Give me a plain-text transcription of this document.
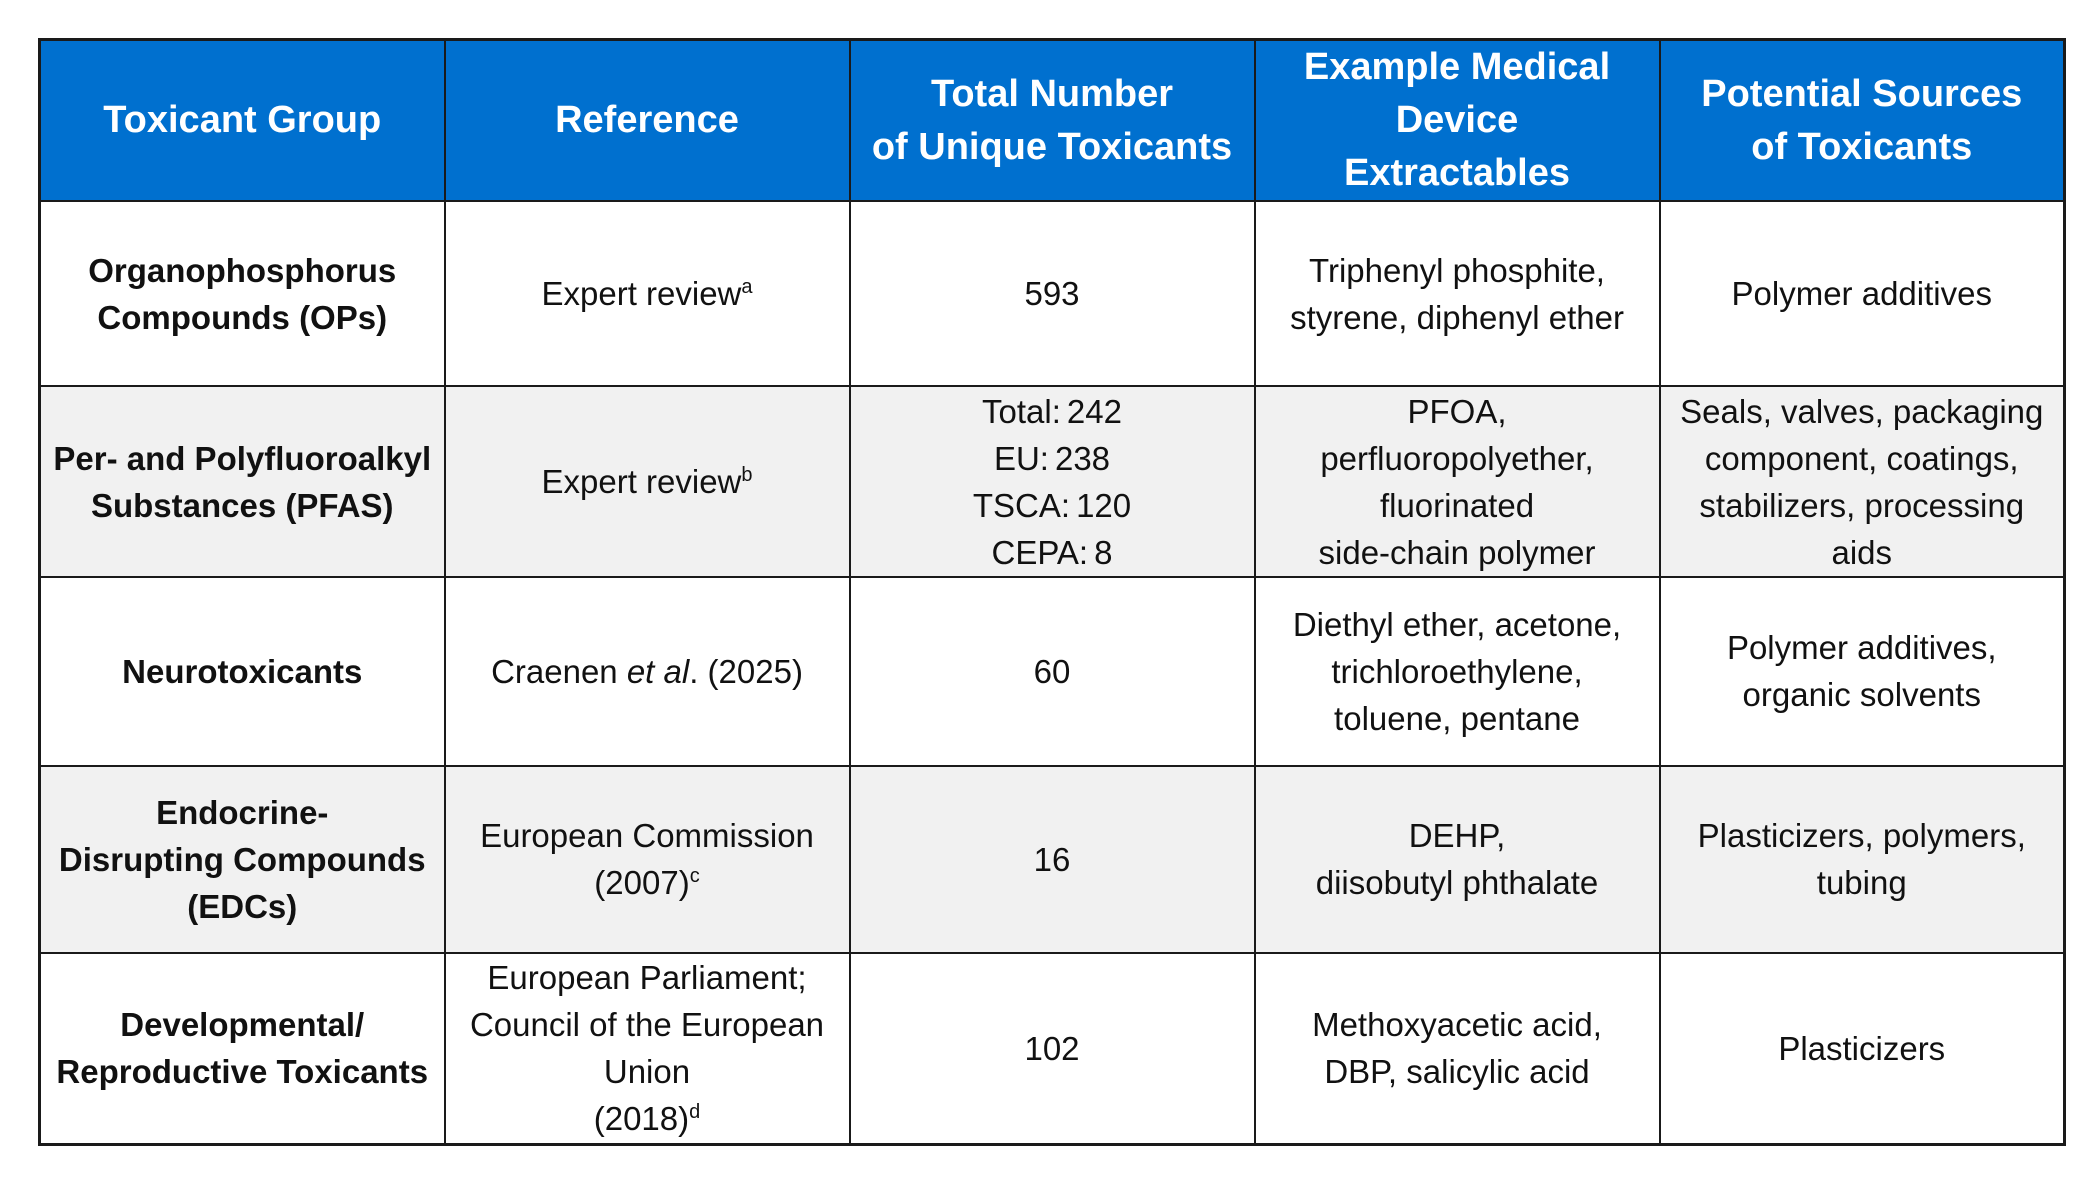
Toxicant Group	Reference	Total Number
of Unique Toxicants	Example Medical Device
Extractables	Potential Sources
of Toxicants

Organophosphorus
Compounds (OPs)	Expert review$^a$	593	Triphenyl phosphite,
styrene, diphenyl ether	Polymer additives

Per- and Polyfluoroalkyl
Substances (PFAS)	Expert review$^b$	Total: 242
EU: 238
TSCA: 120
CEPA: 8	PFOA,
perfluoropolyether, fluorinated
side-chain polymer	Seals, valves, packaging
component, coatings,
stabilizers, processing aids

Neurotoxicants	Craenen et al. (2025)	60	Diethyl ether, acetone,
trichloroethylene,
toluene, pentane	Polymer additives,
organic solvents

Endocrine-
Disrupting Compounds
(EDCs)	European Commission $(2007)^c$	16	DEHP,
diisobutyl phthalate	Plasticizers, polymers,
tubing

Developmental/
Reproductive Toxicants	European Parliament;
Council of the European Union
$(2018)^d$	102	Methoxyacetic acid,
DBP, salicylic acid	Plasticizers
